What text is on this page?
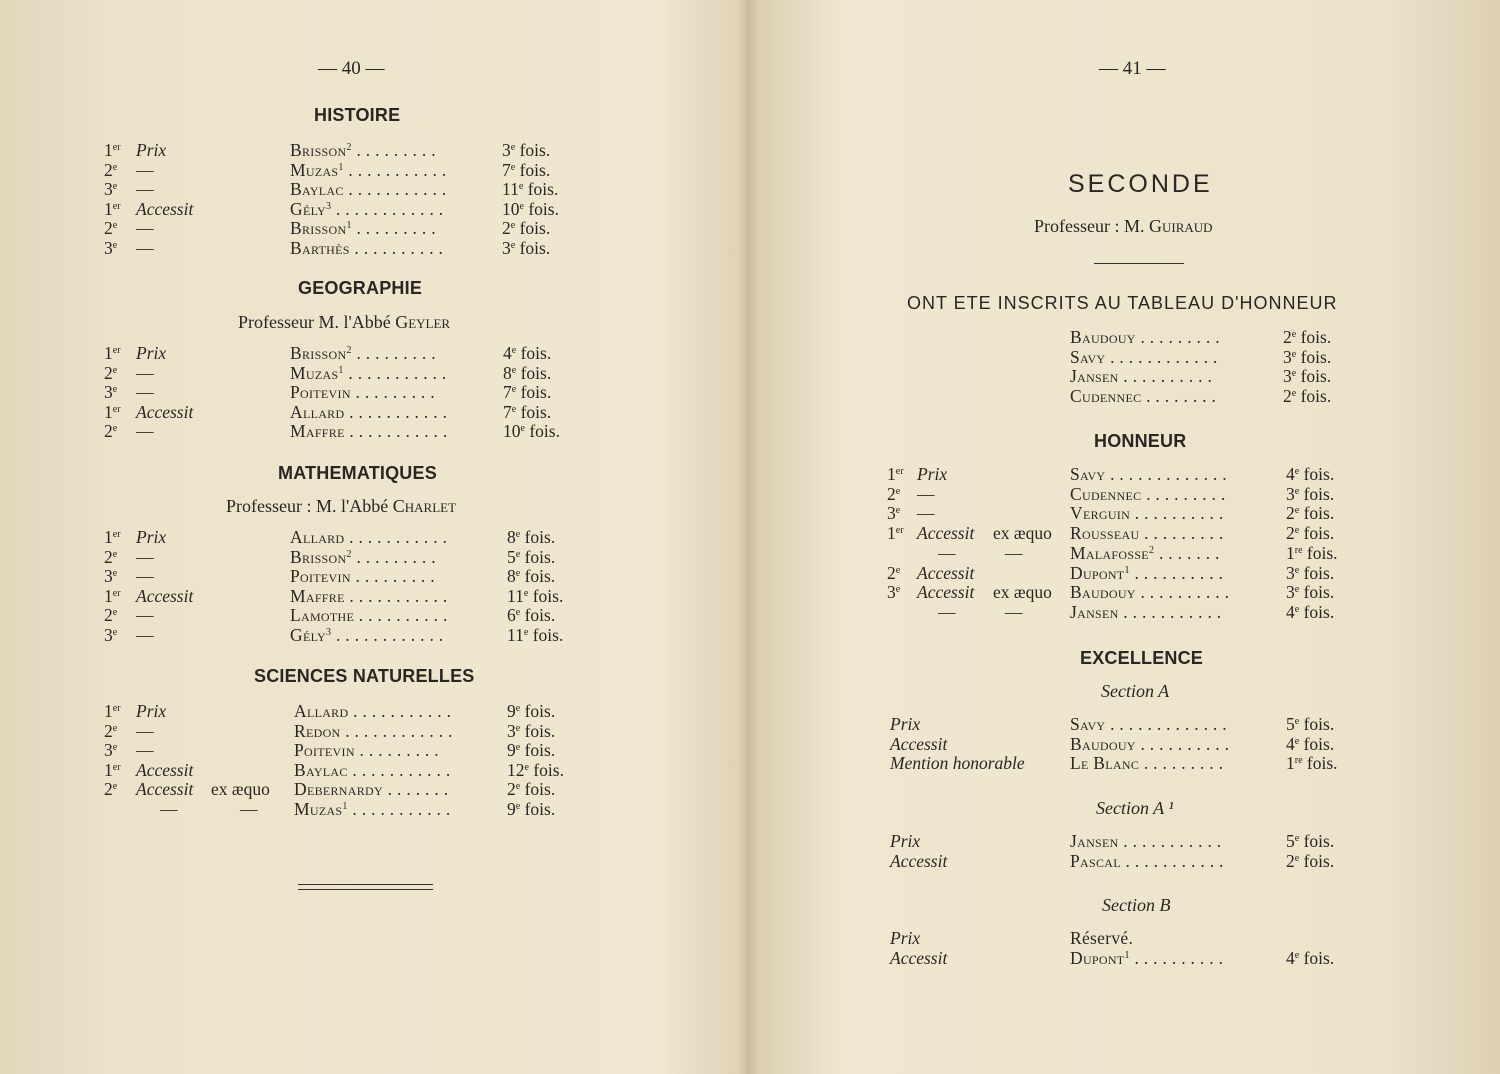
— 40 —
HISTOIRE
1er Prix	Brisson$^2$ . . . . . . . . .	3e fois.
2e —	Muzas$^1$ . . . . . . . . . . .	7e fois.
3e —	Baylac . . . . . . . . . . .	11e fois.
1er Accessit	Gély$^3$ . . . . . . . . . . . .	10e fois.
2e —	Brisson$^1$ . . . . . . . . .	2e fois.
3e —	Barthès . . . . . . . . . .	3e fois.
GEOGRAPHIE
Professeur M. l'Abbé Geyler
1er Prix	Brisson$^2$ . . . . . . . . .	4e fois.
2e —	Muzas$^1$ . . . . . . . . . . .	8e fois.
3e —	Poitevin . . . . . . . . .	7e fois.
1er Accessit	Allard . . . . . . . . . . .	7e fois.
2e —	Maffre . . . . . . . . . . .	10e fois.
MATHEMATIQUES
Professeur : M. l'Abbé Charlet
1er Prix	Allard . . . . . . . . . . .	8e fois.
2e —	Brisson$^2$ . . . . . . . . .	5e fois.
3e —	Poitevin . . . . . . . . .	8e fois.
1er Accessit	Maffre . . . . . . . . . . .	11e fois.
2e —	Lamothe . . . . . . . . . .	6e fois.
3e —	Gély$^3$ . . . . . . . . . . . .	11e fois.
SCIENCES NATURELLES
1er Prix	Allard . . . . . . . . . . .	9e fois.
2e —	Redon . . . . . . . . . . . .	3e fois.
3e —	Poitevin . . . . . . . . .	9e fois.
1er Accessit	Baylac . . . . . . . . . . .	12e fois.
2e Accessit ex æquo Debernardy . . . . . . .	2e fois.
—	— Muzas$^1$ . . . . . . . . . . .	9e fois.
— 41 —
SECONDE
Professeur : M. Guiraud
ONT ETE INSCRITS AU TABLEAU D'HONNEUR
Baudouy . . . . . . . . .	2e fois.
Savy . . . . . . . . . . . .	3e fois.
Jansen . . . . . . . . . .	3e fois.
Cudennec . . . . . . . .	2e fois.
HONNEUR
1er Prix	Savy . . . . . . . . . . . . .	4e fois.
2e —	Cudennec . . . . . . . . .	3e fois.
3e —	Verguin . . . . . . . . . .	2e fois.
1er Accessit ex æquo Rousseau . . . . . . . . .	2e fois.
—	—	Malafosse$^2$ . . . . . . .	1re fois.
2e Accessit	Dupont$^1$ . . . . . . . . . .	3e fois.
3e Accessit ex æquo Baudouy . . . . . . . . . .	3e fois.
—	—	Jansen . . . . . . . . . . .	4e fois.
EXCELLENCE
Section A
Prix	Savy . . . . . . . . . . . . .	5e fois.
Accessit	Baudouy . . . . . . . . . .	4e fois.
Mention honorable	Le Blanc . . . . . . . . .	1re fois.
Section A ¹
Prix	Jansen . . . . . . . . . . .	5e fois.
Accessit	Pascal . . . . . . . . . . .	2e fois.
Section B
Prix	Réservé.
Accessit	Dupont$^1$ . . . . . . . . . .	4e fois.
